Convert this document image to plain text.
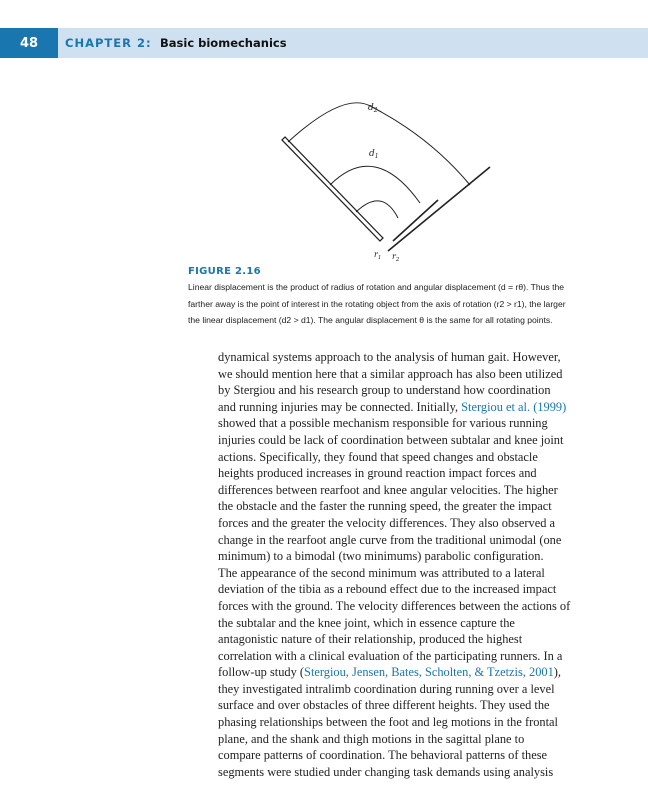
48	CHAPTER 2: Basic biomechanics
$d_2$
$d_1$
$r_1$ $r_2$
FIGURE 2.16
Linear displacement is the product of radius of rotation and angular displacement (d = rθ). Thus the
farther away is the point of interest in the rotating object from the axis of rotation (r2 > r1), the larger
the linear displacement (d2 > d1). The angular displacement θ is the same for all rotating points.
dynamical systems approach to the analysis of human gait. However,
we should mention here that a similar approach has also been utilized
by Stergiou and his research group to understand how coordination
and running injuries may be connected. Initially, Stergiou et al. (1999)
showed that a possible mechanism responsible for various running
injuries could be lack of coordination between subtalar and knee joint
actions. Specifically, they found that speed changes and obstacle
heights produced increases in ground reaction impact forces and
differences between rearfoot and knee angular velocities. The higher
the obstacle and the faster the running speed, the greater the impact
forces and the greater the velocity differences. They also observed a
change in the rearfoot angle curve from the traditional unimodal (one
minimum) to a bimodal (two minimums) parabolic configuration.
The appearance of the second minimum was attributed to a lateral
deviation of the tibia as a rebound effect due to the increased impact
forces with the ground. The velocity differences between the actions of
the subtalar and the knee joint, which in essence capture the
antagonistic nature of their relationship, produced the highest
correlation with a clinical evaluation of the participating runners. In a
follow-up study (Stergiou, Jensen, Bates, Scholten, & Tzetzis, 2001),
they investigated intralimb coordination during running over a level
surface and over obstacles of three different heights. They used the
phasing relationships between the foot and leg motions in the frontal
plane, and the shank and thigh motions in the sagittal plane to
compare patterns of coordination. The behavioral patterns of these
segments were studied under changing task demands using analysis
